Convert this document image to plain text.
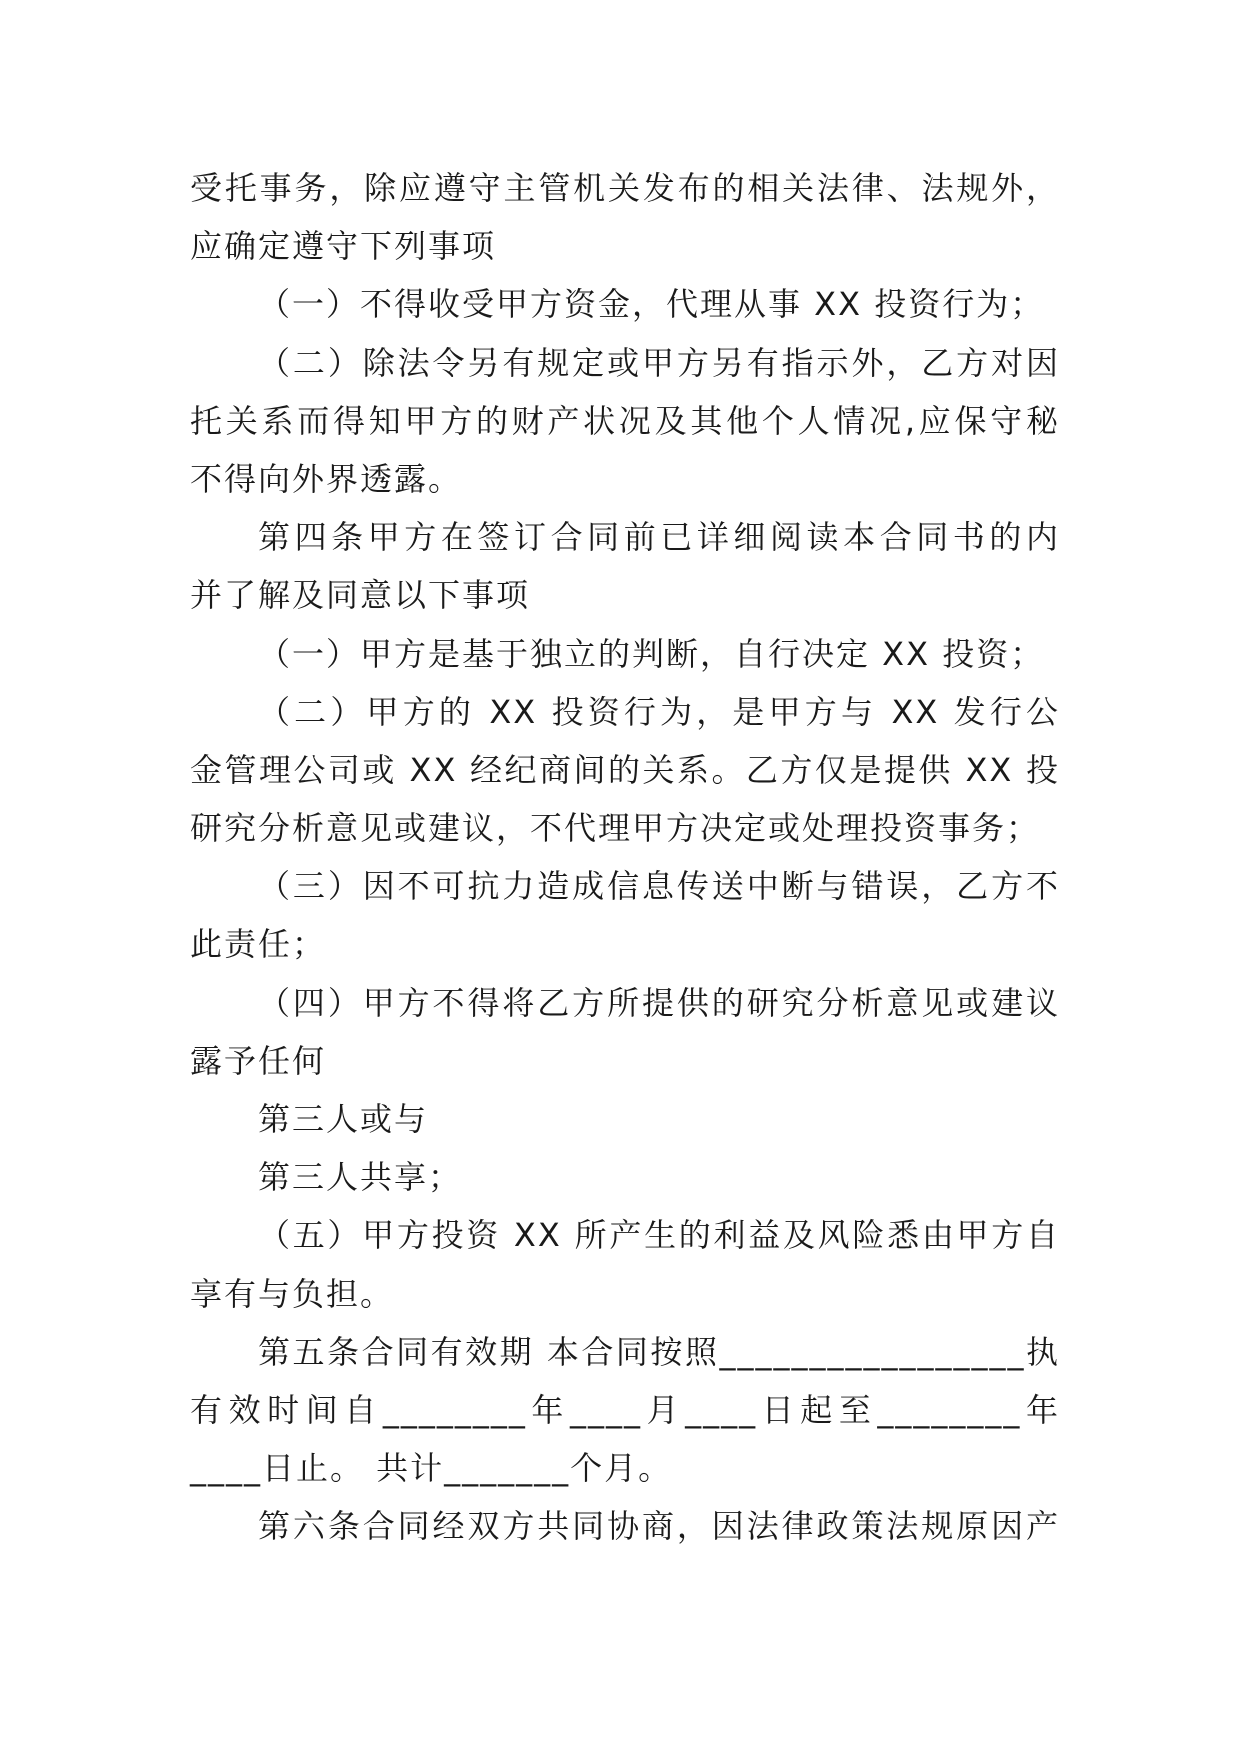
受托事务，除应遵守主管机关发布的相关法律、法规外，
应确定遵守下列事项
（一）不得收受甲方资金，代理从事 XX 投资行为；
（二）除法令另有规定或甲方另有指示外，乙方对因
托关系而得知甲方的财产状况及其他个人情况,应保守秘
不得向外界透露。
第四条甲方在签订合同前已详细阅读本合同书的内
并了解及同意以下事项
（一）甲方是基于独立的判断，自行决定 XX 投资；
（二）甲方的 XX 投资行为，是甲方与 XX 发行公
金管理公司或 XX 经纪商间的关系。乙方仅是提供 XX 投
研究分析意见或建议，不代理甲方决定或处理投资事务；
（三）因不可抗力造成信息传送中断与错误，乙方不
此责任；
（四）甲方不得将乙方所提供的研究分析意见或建议
露予任何
第三人或与
第三人共享；
（五）甲方投资 XX 所产生的利益及风险悉由甲方自
享有与负担。
第五条合同有效期 本合同按照_________________执
有效时间自________年____月____日起至________年
____日止。 共计_______个月。
第六条合同经双方共同协商，因法律政策法规原因产
